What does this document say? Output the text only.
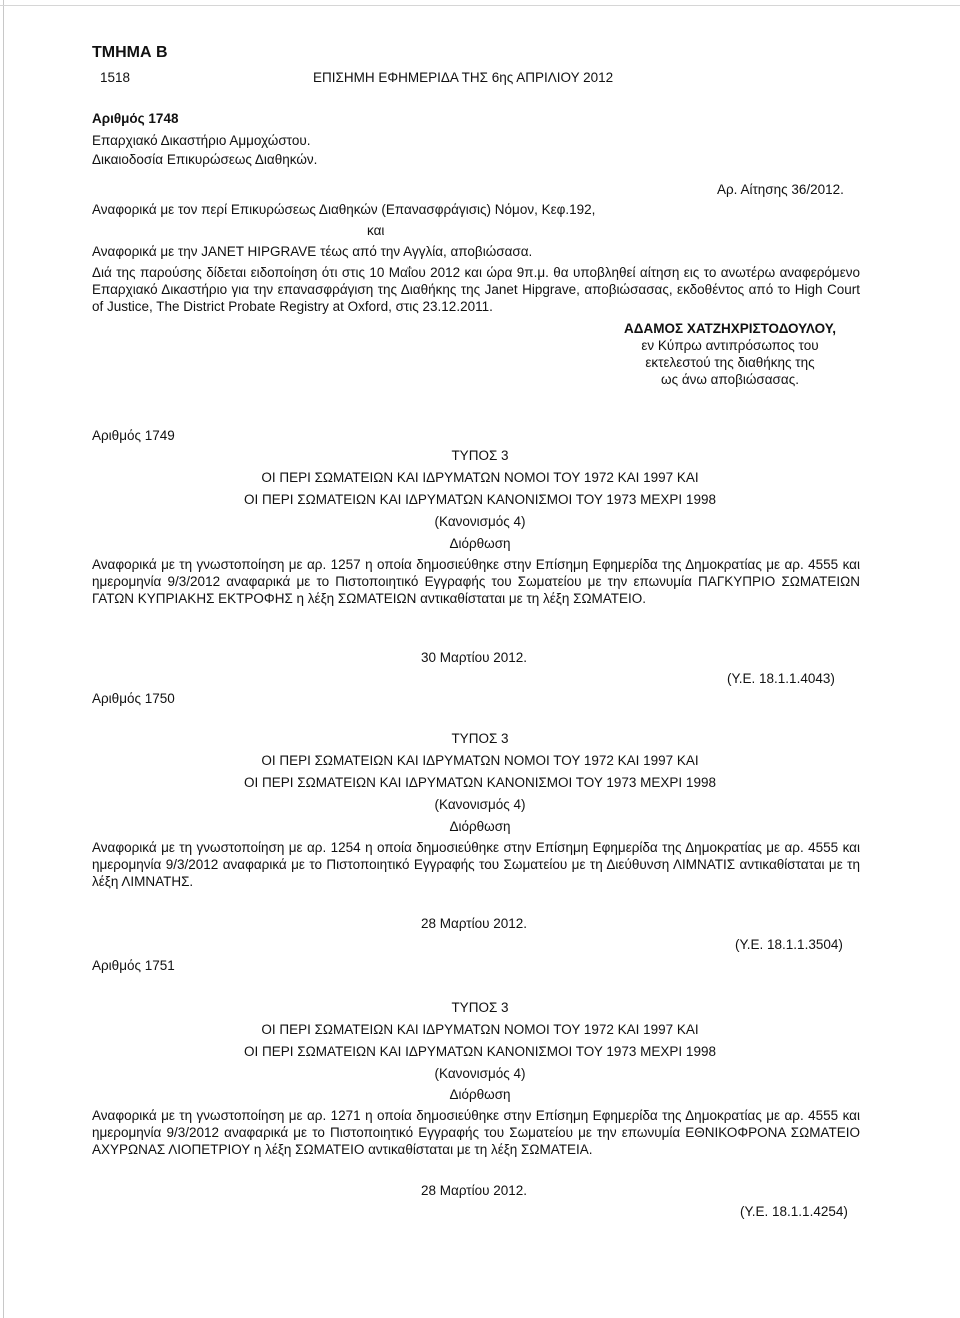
ΤΜΗΜΑ Β
1518	ΕΠΙΣΗΜΗ ΕΦΗΜΕΡΙΔΑ ΤΗΣ 6ης ΑΠΡΙΛΙΟΥ 2012
Αριθμός 1748
Επαρχιακό Δικαστήριο Αμμοχώστου.
Δικαιοδοσία Επικυρώσεως Διαθηκών.
Αρ. Αίτησης 36/2012.
Αναφορικά με τον περί Επικυρώσεως Διαθηκών (Επανασφράγισις) Νόμον, Κεφ.192,
και
Αναφορικά με την JANET HIPGRAVE τέως από την Αγγλία, αποβιώσασα.
Διά της παρούσης δίδεται ειδοποίηση ότι στις 10 Μαΐου 2012 και ώρα 9π.μ. θα υποβληθεί αίτηση εις το ανωτέρω αναφερόμενο Επαρχιακό Δικαστήριο για την επανασφράγιση της Διαθήκης της Janet Hipgrave, αποβιώσασας, εκδοθέντος από το High Court of Justice, The District Probate Registry at Oxford, στις 23.12.2011.
ΑΔΑΜΟΣ ΧΑΤΖΗΧΡΙΣΤΟΔΟΥΛΟΥ,
εν Κύπρω αντιπρόσωπος του
εκτελεστού της διαθήκης της
ως άνω αποβιώσασας.
Αριθμός 1749
ΤΥΠΟΣ 3
ΟΙ ΠΕΡΙ ΣΩΜΑΤΕΙΩΝ ΚΑΙ ΙΔΡΥΜΑΤΩΝ ΝΟΜΟΙ ΤΟΥ 1972 ΚΑΙ 1997 ΚΑΙ
ΟΙ ΠΕΡΙ ΣΩΜΑΤΕΙΩΝ ΚΑΙ ΙΔΡΥΜΑΤΩΝ ΚΑΝΟΝΙΣΜΟΙ ΤΟΥ 1973 ΜΕΧΡΙ 1998
(Κανονισμός 4)
Διόρθωση
Αναφορικά με τη γνωστοποίηση με αρ. 1257 η οποία δημοσιεύθηκε στην Επίσημη Εφημερίδα της Δημοκρατίας με αρ. 4555 και ημερομηνία 9/3/2012 αναφαρικά με το Πιστοποιητικό Εγγραφής του Σωματείου με την επωνυμία ΠΑΓΚΥΠΡΙΟ ΣΩΜΑΤΕΙΩΝ ΓΑΤΩΝ ΚΥΠΡΙΑΚΗΣ ΕΚΤΡΟΦΗΣ η λέξη ΣΩΜΑΤΕΙΩΝ αντικαθίσταται με τη λέξη ΣΩΜΑΤΕΙΟ.
30 Μαρτίου 2012.
(Υ.Ε. 18.1.1.4043)
Αριθμός 1750
ΤΥΠΟΣ 3
ΟΙ ΠΕΡΙ ΣΩΜΑΤΕΙΩΝ ΚΑΙ ΙΔΡΥΜΑΤΩΝ ΝΟΜΟΙ ΤΟΥ 1972 ΚΑΙ 1997 ΚΑΙ
ΟΙ ΠΕΡΙ ΣΩΜΑΤΕΙΩΝ ΚΑΙ ΙΔΡΥΜΑΤΩΝ ΚΑΝΟΝΙΣΜΟΙ ΤΟΥ 1973 ΜΕΧΡΙ 1998
(Κανονισμός 4)
Διόρθωση
Αναφορικά με τη γνωστοποίηση με αρ. 1254 η οποία δημοσιεύθηκε στην Επίσημη Εφημερίδα της Δημοκρατίας με αρ. 4555 και ημερομηνία 9/3/2012 αναφαρικά με το Πιστοποιητικό Εγγραφής του Σωματείου με τη Διεύθυνση ΛΙΜΝΑΤΙΣ αντικαθίσταται με τη λέξη ΛΙΜΝΑΤΗΣ.
28 Μαρτίου 2012.
(Υ.Ε. 18.1.1.3504)
Αριθμός 1751
ΤΥΠΟΣ 3
ΟΙ ΠΕΡΙ ΣΩΜΑΤΕΙΩΝ ΚΑΙ ΙΔΡΥΜΑΤΩΝ ΝΟΜΟΙ ΤΟΥ 1972 ΚΑΙ 1997 ΚΑΙ
ΟΙ ΠΕΡΙ ΣΩΜΑΤΕΙΩΝ ΚΑΙ ΙΔΡΥΜΑΤΩΝ ΚΑΝΟΝΙΣΜΟΙ ΤΟΥ 1973 ΜΕΧΡΙ 1998
(Κανονισμός 4)
Διόρθωση
Αναφορικά με τη γνωστοποίηση με αρ. 1271 η οποία δημοσιεύθηκε στην Επίσημη Εφημερίδα της Δημοκρατίας με αρ. 4555 και ημερομηνία 9/3/2012 αναφαρικά με το Πιστοποιητικό Εγγραφής του Σωματείου με την επωνυμία ΕΘΝΙΚΟΦΡΟΝΑ ΣΩΜΑΤΕΙΟ ΑΧΥΡΩΝΑΣ ΛΙΟΠΕΤΡΙΟΥ η λέξη ΣΩΜΑΤΕΙΟ αντικαθίσταται με τη λέξη ΣΩΜΑΤΕΙΑ.
28 Μαρτίου 2012.
(Υ.Ε. 18.1.1.4254)
